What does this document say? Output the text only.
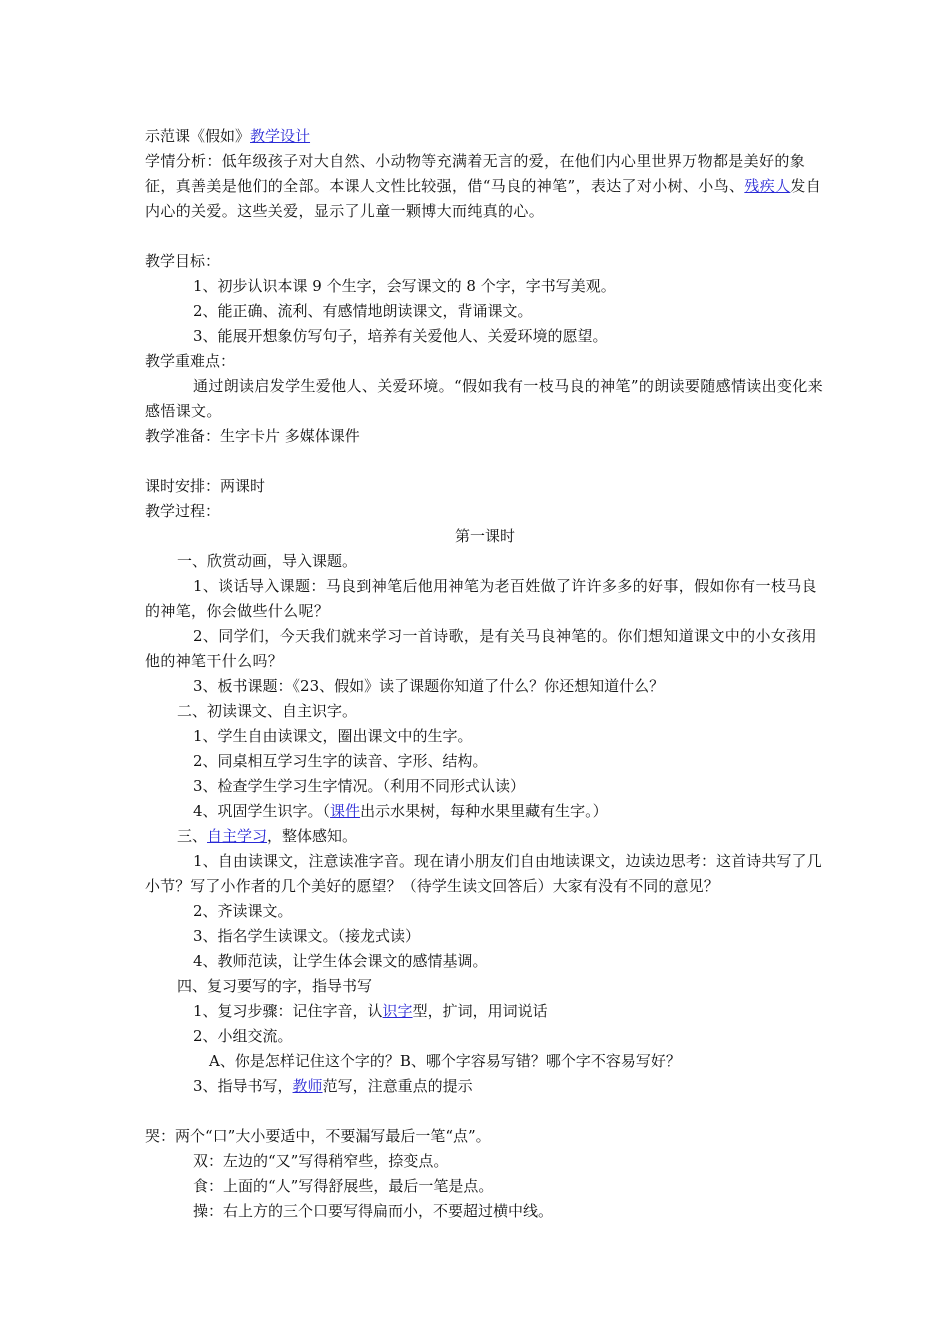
示范课《假如》教学设计
学情分析：低年级孩子对大自然、小动物等充满着无言的爱，在他们内心里世界万物都是美好的象征，真善美是他们的全部。本课人文性比较强，借“马良的神笔”，表达了对小树、小鸟、残疾人发自内心的关爱。这些关爱，显示了儿童一颗博大而纯真的心。
教学目标：
1、初步认识本课 9 个生字，会写课文的 8 个字，字书写美观。
2、能正确、流利、有感情地朗读课文，背诵课文。
3、能展开想象仿写句子，培养有关爱他人、关爱环境的愿望。
教学重难点：
通过朗读启发学生爱他人、关爱环境。“假如我有一枝马良的神笔”的朗读要随感情读出变化来感悟课文。
教学准备：生字卡片 多媒体课件
课时安排：两课时
教学过程：
第一课时
一、欣赏动画，导入课题。
1、谈话导入课题：马良到神笔后他用神笔为老百姓做了许许多多的好事，假如你有一枝马良的神笔，你会做些什么呢？
2、同学们，今天我们就来学习一首诗歌，是有关马良神笔的。你们想知道课文中的小女孩用他的神笔干什么吗？
3、板书课题：《23、假如》读了课题你知道了什么？你还想知道什么？
二、初读课文、自主识字。
1、学生自由读课文，圈出课文中的生字。
2、同桌相互学习生字的读音、字形、结构。
3、检查学生学习生字情况。（利用不同形式认读）
4、巩固学生识字。（课件出示水果树，每种水果里藏有生字。）
三、自主学习，整体感知。
1、自由读课文，注意读准字音。现在请小朋友们自由地读课文，边读边思考：这首诗共写了几小节？写了小作者的几个美好的愿望？（待学生读文回答后）大家有没有不同的意见？
2、齐读课文。
3、指名学生读课文。（接龙式读）
4、教师范读，让学生体会课文的感情基调。
四、复习要写的字，指导书写
1、复习步骤：记住字音，认识字型，扩词，用词说话
2、小组交流。
A、你是怎样记住这个字的？B、哪个字容易写错？哪个字不容易写好？
3、指导书写，教师范写，注意重点的提示
哭：两个“口”大小要适中，不要漏写最后一笔“点”。
双：左边的“又”写得稍窄些，捺变点。
食：上面的“人”写得舒展些，最后一笔是点。
操：右上方的三个口要写得扁而小，不要超过横中线。
